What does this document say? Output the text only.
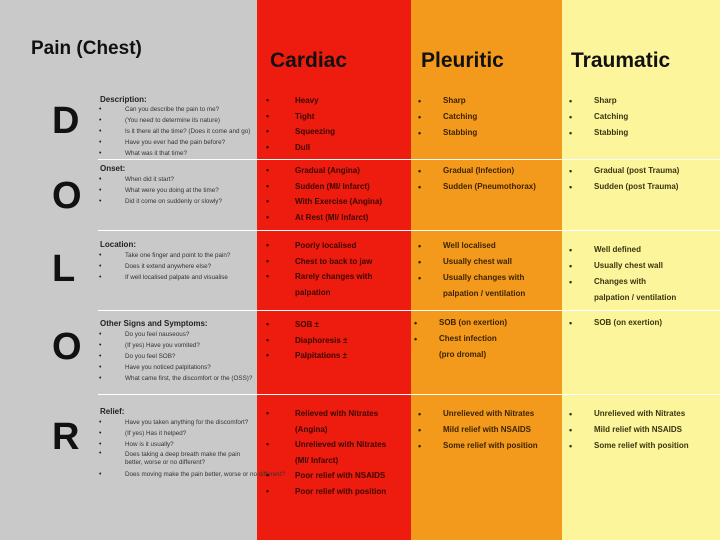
Pain (Chest)
Cardiac	Pleuritic	Traumatic
D
O
L
O
R
Description:
• Can you describe the pain to me?
• (You need to determine its nature)
• Is it there all the time? (Does it come and go)
• Have you ever had the pain before?
• What was it that time?
• Heavy
• Tight
• Squeezing
• Dull
• Sharp
• Catching
• Stabbing
• Sharp
• Catching
• Stabbing
Onset:
• When did it start?
• What were you doing at the time?
• Did it come on suddenly or slowly?
• Gradual (Angina)
• Sudden (MI/ Infarct)
• With Exercise (Angina)
• At Rest (MI/ Infarct)
• Gradual (Infection)
• Sudden (Pneumothorax)
• Gradual (post Trauma)
• Sudden (post Trauma)
Location:
• Take one finger and point to the pain?
• Does it extend anywhere else?
• If well localised palpate and visualise
• Poorly localised
• Chest to back to jaw
• Rarely changes with
palpation
• Well localised
• Usually chest wall
• Usually changes with
palpation / ventilation
• Well defined
• Usually chest wall
• Changes with
palpation / ventilation
Other Signs and Symptoms:
• Do you feel nauseous?
• (If yes) Have you vomited?
• Do you feel SOB?
• Have you noticed palpitations?
• What came first, the discomfort or the (OSS)?
• SOB ±
• Diaphoresis ±
• Palpitations ±
• SOB (on exertion)
• Chest infection
(pro dromal)
• SOB (on exertion)
Relief:
• Have you taken anything for the discomfort?
• (If yes) Has it helped?
• How is it usually?
• Does taking a deep breath make the pain better, worse or no different?
• Does moving make the pain better, worse or no different?
• Relieved with Nitrates
(Angina)
• Unrelieved with Nitrates
(MI/ Infarct)
• Poor relief with NSAIDS
• Poor relief with position
• Unrelieved with Nitrates
• Mild relief with NSAIDS
• Some relief with position
• Unrelieved with Nitrates
• Mild relief with NSAIDS
• Some relief with position
